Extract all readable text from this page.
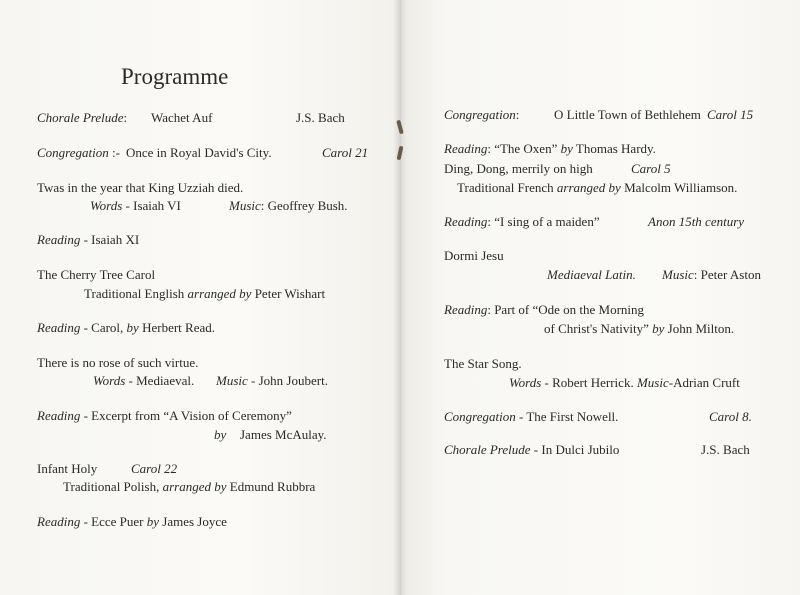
Programme
Chorale Prelude: Wachet Auf	J.S. Bach
Congregation :- Once in Royal David's City.	Carol 21
Twas in the year that King Uzziah died.
Words - Isaiah VI	Music: Geoffrey Bush.
Reading - Isaiah XI
The Cherry Tree Carol
Traditional English arranged by Peter Wishart
Reading - Carol, by Herbert Read.
There is no rose of such virtue.
Words - Mediaeval. Music - John Joubert.
Reading - Excerpt from “A Vision of Ceremony”
by James McAulay.
Infant Holy	Carol 22
Traditional Polish, arranged by Edmund Rubbra
Reading - Ecce Puer by James Joyce
Congregation:	O Little Town of Bethlehem Carol 15
Reading: “The Oxen” by Thomas Hardy.
Ding, Dong, merrily on high	Carol 5
Traditional French arranged by Malcolm Williamson.
Reading: “I sing of a maiden”	Anon 15th century
Dormi Jesu
Mediaeval Latin. Music: Peter Aston
Reading: Part of “Ode on the Morning
of Christ's Nativity” by John Milton.
The Star Song.
Words - Robert Herrick. Music-Adrian Cruft
Congregation - The First Nowell.	Carol 8.
Chorale Prelude - In Dulci Jubilo	J.S. Bach
